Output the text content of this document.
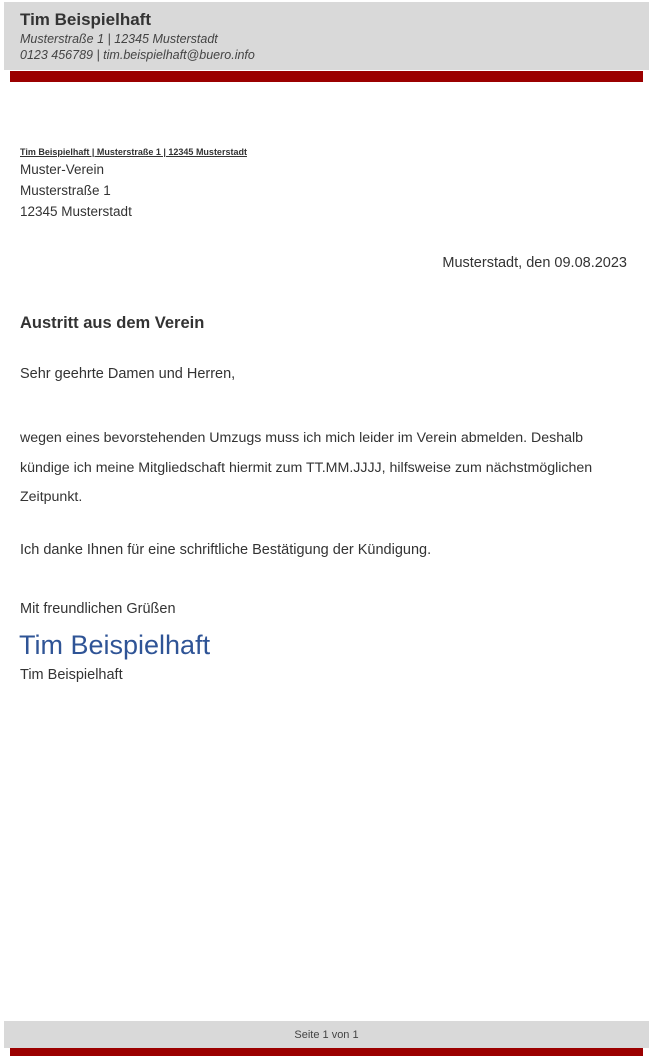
Tim Beispielhaft
Musterstraße 1 | 12345 Musterstadt
0123 456789 | tim.beispielhaft@buero.info
Tim Beispielhaft | Musterstraße 1 | 12345 Musterstadt
Muster-Verein
Musterstraße 1
12345 Musterstadt
Musterstadt, den 09.08.2023
Austritt aus dem Verein
Sehr geehrte Damen und Herren,
wegen eines bevorstehenden Umzugs muss ich mich leider im Verein abmelden. Deshalb kündige ich meine Mitgliedschaft hiermit zum TT.MM.JJJJ, hilfsweise zum nächstmöglichen Zeitpunkt.
Ich danke Ihnen für eine schriftliche Bestätigung der Kündigung.
Mit freundlichen Grüßen
Tim Beispielhaft
Tim Beispielhaft
Seite 1 von 1
